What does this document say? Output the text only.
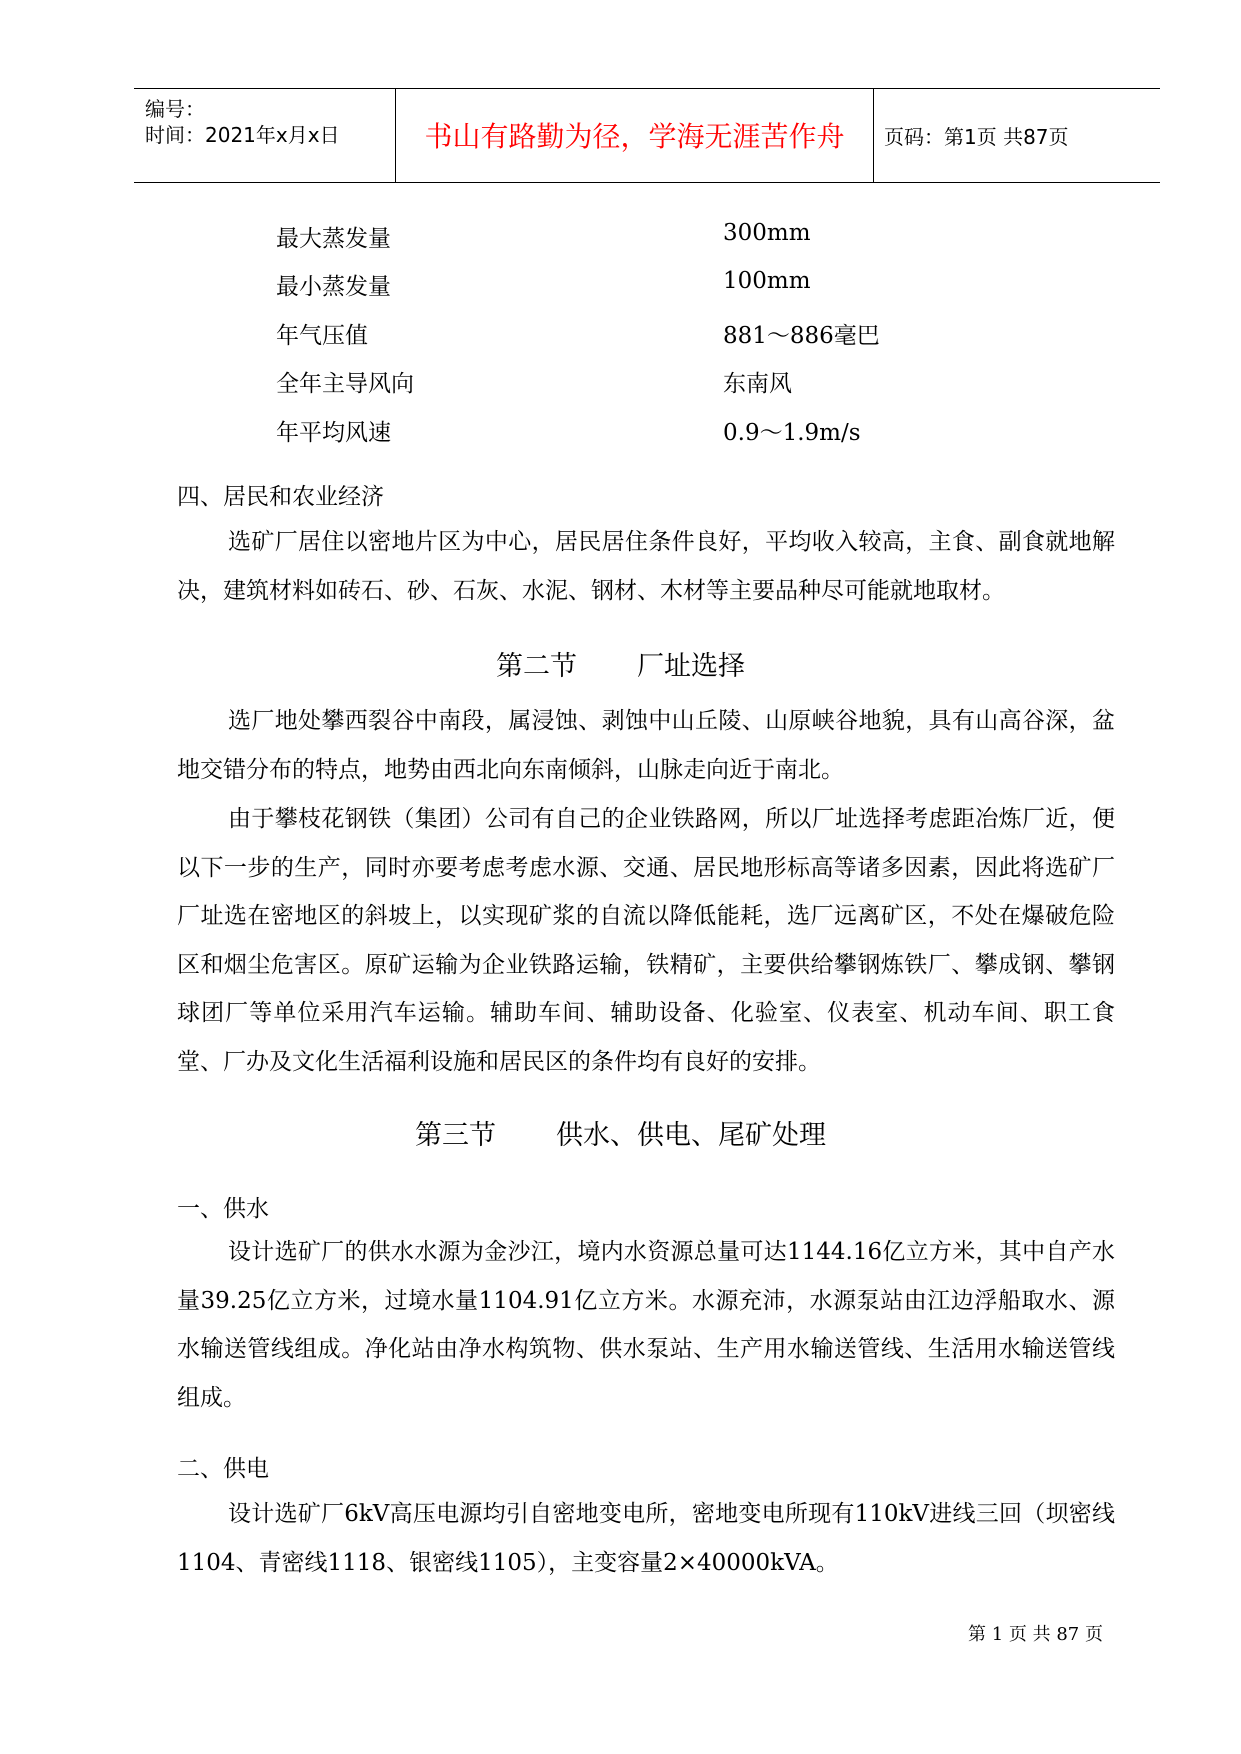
编号：
时间：2021年x月x日	书山有路勤为径，学海无涯苦作舟	页码：第1页 共87页
最大蒸发量	300mm
最小蒸发量	100mm
年气压值	881～886毫巴
全年主导风向	东南风
年平均风速	0.9～1.9m/s
四、居民和农业经济
选矿厂居住以密地片区为中心，居民居住条件良好，平均收入较高，主食、副食就地解决，建筑材料如砖石、砂、石灰、水泥、钢材、木材等主要品种尽可能就地取材。
第二节       厂址选择
选厂地处攀西裂谷中南段，属浸蚀、剥蚀中山丘陵、山原峡谷地貌，具有山高谷深，盆地交错分布的特点，地势由西北向东南倾斜，山脉走向近于南北。
由于攀枝花钢铁（集团）公司有自己的企业铁路网，所以厂址选择考虑距冶炼厂近，便以下一步的生产，同时亦要考虑考虑水源、交通、居民地形标高等诸多因素，因此将选矿厂厂址选在密地区的斜坡上，以实现矿浆的自流以降低能耗，选厂远离矿区，不处在爆破危险区和烟尘危害区。原矿运输为企业铁路运输，铁精矿，主要供给攀钢炼铁厂、攀成钢、攀钢球团厂等单位采用汽车运输。辅助车间、辅助设备、化验室、仪表室、机动车间、职工食堂、厂办及文化生活福利设施和居民区的条件均有良好的安排。
第三节       供水、供电、尾矿处理
一、供水
设计选矿厂的供水水源为金沙江，境内水资源总量可达1144.16亿立方米，其中自产水量39.25亿立方米，过境水量1104.91亿立方米。水源充沛，水源泵站由江边浮船取水、源水输送管线组成。净化站由净水构筑物、供水泵站、生产用水输送管线、生活用水输送管线组成。
二、供电
设计选矿厂6kV高压电源均引自密地变电所，密地变电所现有110kV进线三回（坝密线1104、青密线1118、银密线1105），主变容量2×40000kVA。
第 1 页 共 87 页
